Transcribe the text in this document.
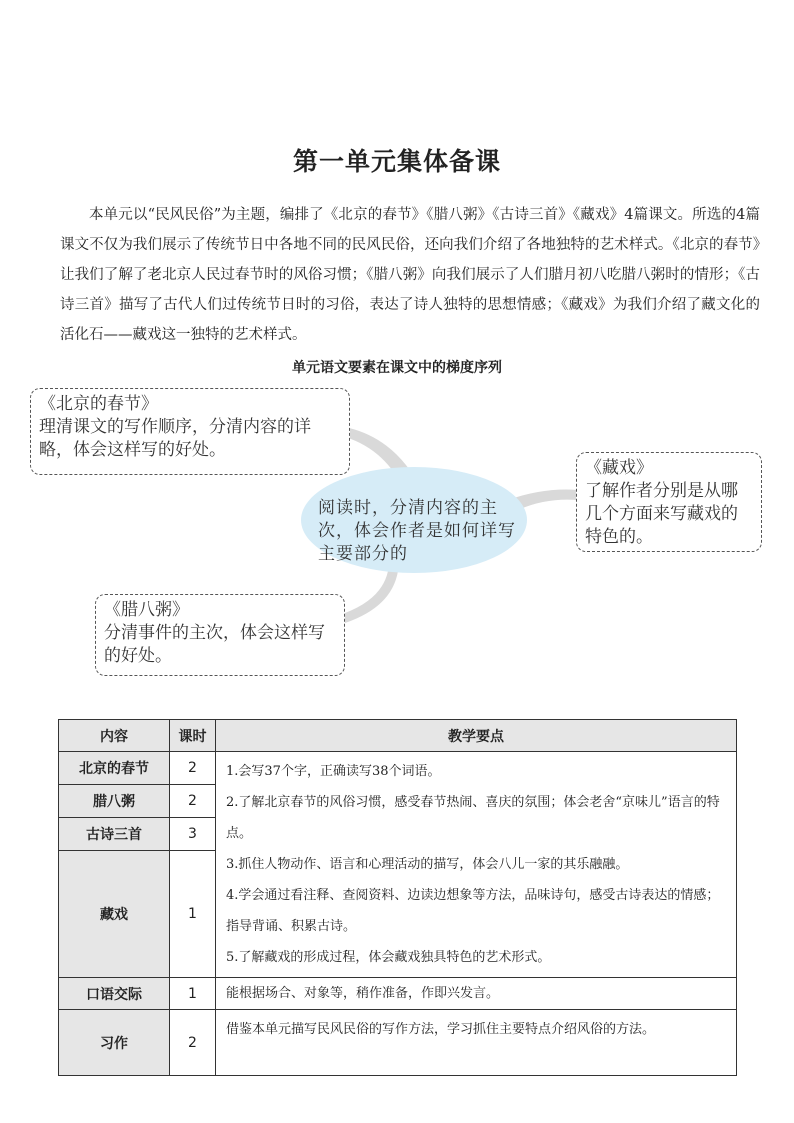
第一单元集体备课
本单元以“民风民俗”为主题，编排了《北京的春节》《腊八粥》《古诗三首》《藏戏》4篇课文。所选的4篇课文不仅为我们展示了传统节日中各地不同的民风民俗，还向我们介绍了各地独特的艺术样式。《北京的春节》让我们了解了老北京人民过春节时的风俗习惯；《腊八粥》向我们展示了人们腊月初八吃腊八粥时的情形；《古诗三首》描写了古代人们过传统节日时的习俗，表达了诗人独特的思想情感；《藏戏》为我们介绍了藏文化的活化石——藏戏这一独特的艺术样式。
单元语文要素在课文中的梯度序列
《北京的春节》
理清课文的写作顺序，分清内容的详略，体会这样写的好处。
《藏戏》
了解作者分别是从哪几个方面来写藏戏的特色的。
《腊八粥》
分清事件的主次，体会这样写的好处。
阅读时，分清内容的主次，体会作者是如何详写主要部分的
内容	课时	教学要点
北京的春节	2	1.会写37个字，正确读写38个词语。
2.了解北京春节的风俗习惯，感受春节热闹、喜庆的氛围；体会老舍“京味儿”语言的特点。
3.抓住人物动作、语言和心理活动的描写，体会八儿一家的其乐融融。
4.学会通过看注释、查阅资料、边读边想象等方法，品味诗句，感受古诗表达的情感；指导背诵、积累古诗。
5.了解藏戏的形成过程，体会藏戏独具特色的艺术形式。

腊八粥	2	
古诗三首	3	
藏戏	1	
口语交际	1	能根据场合、对象等，稍作准备，作即兴发言。
习作	2	借鉴本单元描写民风民俗的写作方法，学习抓住主要特点介绍风俗的方法。
